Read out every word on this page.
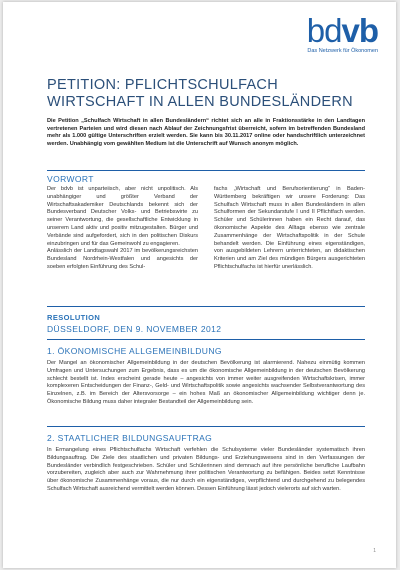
bdvb
Das Netzwerk für Ökonomen
PETITION: PFLICHTSCHULFACH WIRTSCHAFT IN ALLEN BUNDESLÄNDERN
Die Petition „Schulfach Wirtschaft in allen Bundesländern“ richtet sich an alle in Fraktionsstärke in den Landtagen vertretenen Parteien und wird diesen nach Ablauf der Zeichnungsfrist überreicht, sofern im betreffenden Bundesland mehr als 1.000 gültige Unterschriften erzielt werden. Sie kann bis 30.11.2017 online oder handschriftlich unterzeichnet werden. Unabhängig vom gewählten Medium ist die Unterschrift auf Wunsch anonym möglich.
VORWORT
Der bdvb ist unparteiisch, aber nicht unpolitisch. Als unabhängiger und größter Verband der Wirtschaftsakademiker Deutschlands bekennt sich der Bundesverband Deutscher Volks- und Betriebswirte zu seiner Verantwortung, die gesellschaftliche Entwicklung in unserem Land aktiv und positiv mitzugestalten. Bürger und Verbände sind aufgefordert, sich in den politischen Diskurs einzubringen und für das Gemeinwohl zu engagieren.
Anlässlich der Landtagswahl 2017 im bevölkerungsreichsten Bundesland Nordrhein-Westfalen und angesichts der soeben erfolgten Einführung des Schul-
fachs „Wirtschaft und Berufsorientierung“ in Baden-Württemberg bekräftigen wir unsere Forderung: Das Schulfach Wirtschaft muss in allen Bundesländern in allen Schulformen der Sekundarstufe I und II Pflichtfach werden. Schüler und Schülerinnen haben ein Recht darauf, das ökonomische Aspekte des Alltags ebenso wie zentrale Zusammenhänge der Wirtschaftspolitik in der Schule behandelt werden. Die Einführung eines eigenständigen, von ausgebildeten Lehrern unterrichteten, an didaktischen Kriterien und am Ziel des mündigen Bürgers ausgerichteten Pflichtschulfachs ist hierfür unerlässlich.
RESOLUTION
DÜSSELDORF, DEN 9. NOVEMBER 2012
1. ÖKONOMISCHE ALLGEMEINBILDUNG
Der Mangel an ökonomischer Allgemeinbildung in der deutschen Bevölkerung ist alarmierend. Nahezu einmütig kommen Umfragen und Untersuchungen zum Ergebnis, dass es um die ökonomische Allgemeinbildung in der deutschen Bevölkerung schlecht bestellt ist. Indes erscheint gerade heute – angesichts von immer weiter ausgreifenden Wirtschaftskrisen, immer komplexeren Entscheidungen der Finanz-, Geld- und Wirtschaftspolitik sowie angesichts wachsender Selbstverantwortung des Einzelnen, z.B. im Bereich der Altersvorsorge – ein hohes Maß an ökonomischer Allgemeinbildung wichtiger denn je. Ökonomische Bildung muss daher integraler Bestandteil der Allgemeinbildung sein.
2. STAATLICHER BILDUNGSAUFTRAG
In Ermangelung eines Pflichtschulfachs Wirtschaft verfehlen die Schulsysteme vieler Bundesländer systematisch ihren Bildungsauftrag. Die Ziele des staatlichen und privaten Bildungs- und Erziehungswesens sind in den Verfassungen der Bundesländer verbindlich festgeschrieben. Schüler und Schülerinnen sind demnach auf ihre persönliche berufliche Laufbahn vorzubereiten, zugleich aber auch zur Wahrnehmung ihrer politischen Verantwortung zu befähigen. Beides setzt Kenntnisse über ökonomische Zusammenhänge voraus, die nur durch ein eigenständiges, verpflichtend und durchgehend zu belegendes Schulfach Wirtschaft ausreichend vermittelt werden können. Dessen Einführung lässt jedoch vielerorts auf sich warten.
1
